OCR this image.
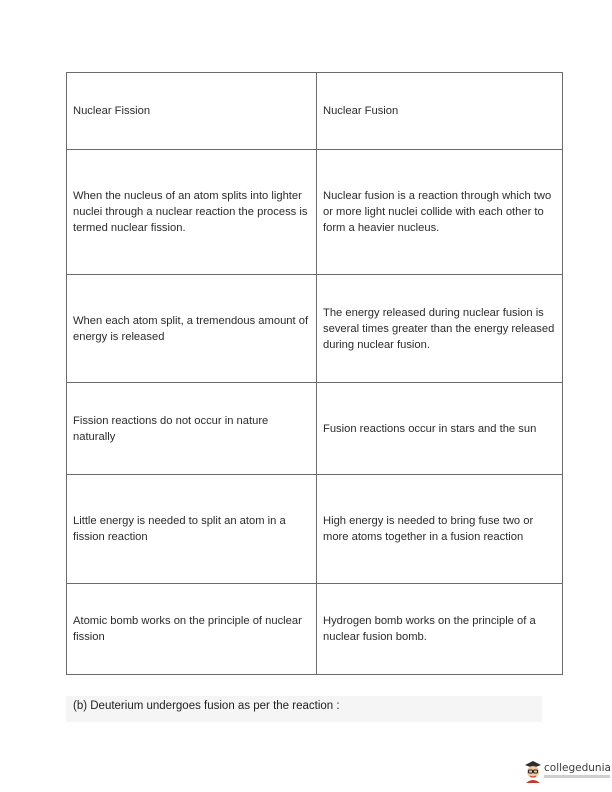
Nuclear Fission	Nuclear Fusion
When the nucleus of an atom splits into lighter nuclei through a nuclear reaction the process is termed nuclear fission.	Nuclear fusion is a reaction through which two or more light nuclei collide with each other to form a heavier nucleus.
When each atom split, a tremendous amount of energy is released	The energy released during nuclear fusion is several times greater than the energy released during nuclear fusion.
Fission reactions do not occur in nature naturally	Fusion reactions occur in stars and the sun
Little energy is needed to split an atom in a fission reaction	High energy is needed to bring fuse two or more atoms together in a fusion reaction
Atomic bomb works on the principle of nuclear fission	Hydrogen bomb works on the principle of a nuclear fusion bomb.
(b) Deuterium undergoes fusion as per the reaction :
collegedunia
